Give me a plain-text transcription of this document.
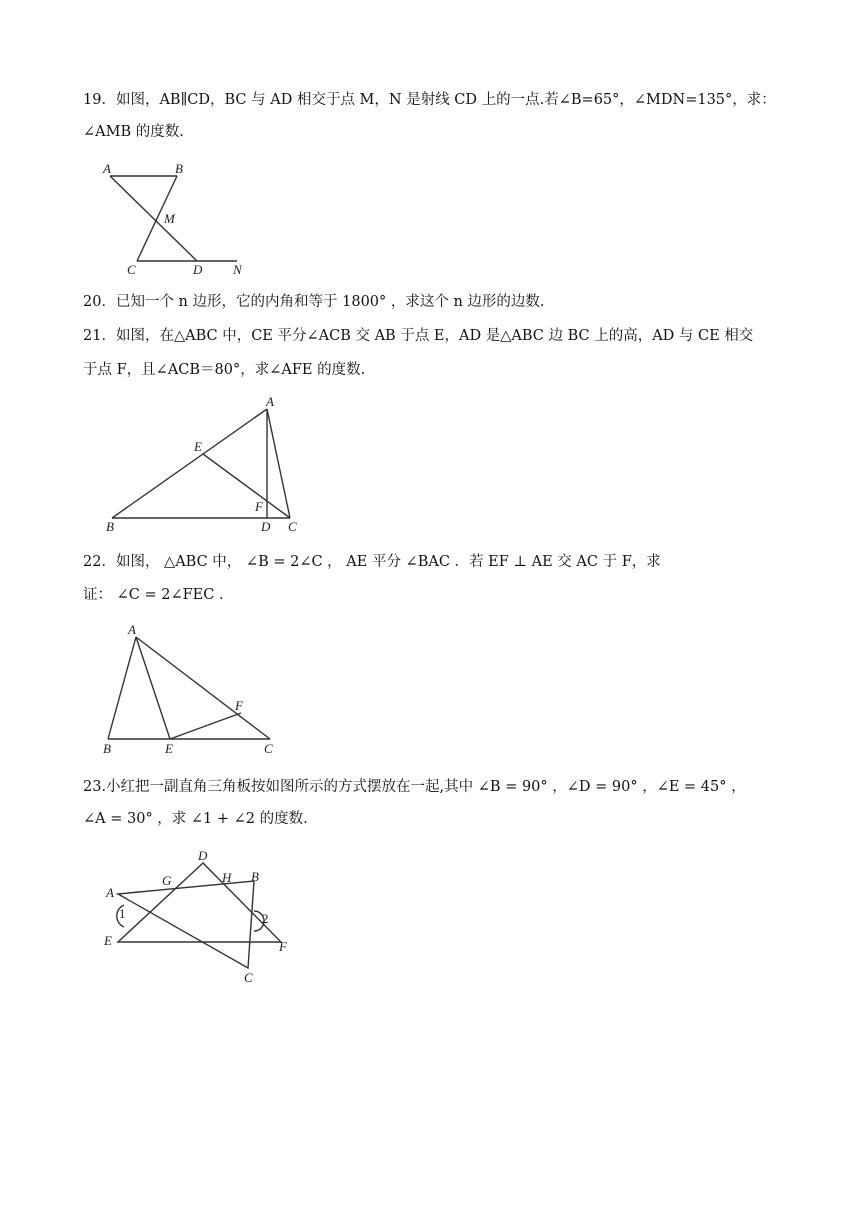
19．如图，AB∥CD，BC 与 AD 相交于点 M，N 是射线 CD 上的一点.若∠B=65°，∠MDN=135°，求：
∠AMB 的度数.
A	B
M
C	D N
20．已知一个 n 边形，它的内角和等于 1800° ，求这个 n 边形的边数.
21．如图，在△ABC 中，CE 平分∠ACB 交 AB 于点 E，AD 是△ABC 边 BC 上的高，AD 与 CE 相交
于点 F，且∠ACB＝80°，求∠AFE 的度数.
A
E
F
B	D C
22．如图， △ABC 中， ∠B = 2∠C ， AE 平分 ∠BAC ．若 EF ⊥ AE 交 AC 于 F，求
证： ∠C = 2∠FEC .
A
F
B	E	C
23.小红把一副直角三角板按如图所示的方式摆放在一起,其中 ∠B = 90° ，∠D = 90° ，∠E = 45° ，
∠A = 30° ，求 ∠1 + ∠2 的度数.
A
G
D
H B
1	2
E	F
C
